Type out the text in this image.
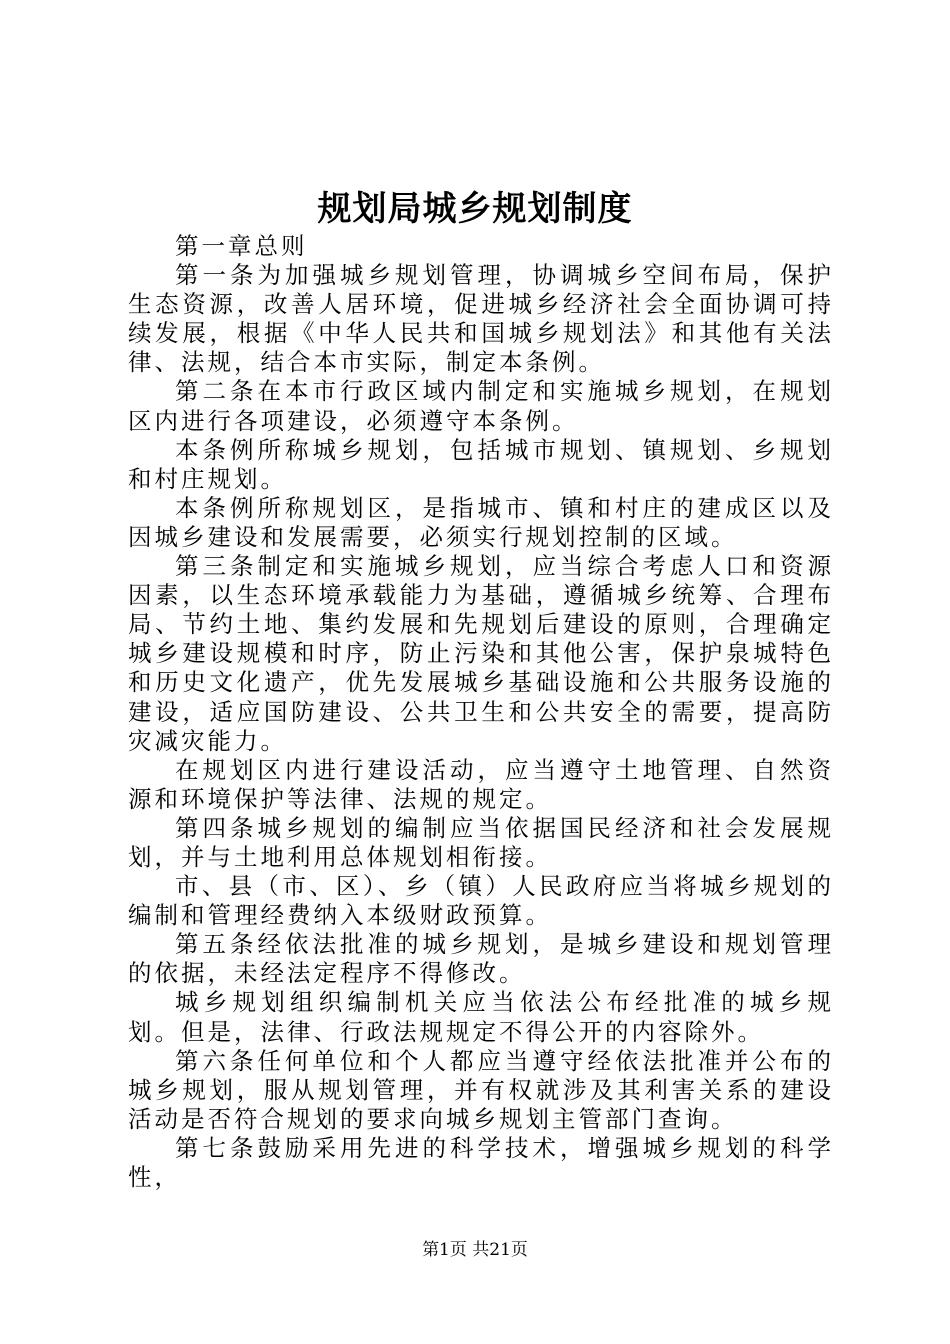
规划局城乡规划制度

第一章总则

第一条为加强城乡规划管理，协调城乡空间布局，保护生态资源，改善人居环境，促进城乡经济社会全面协调可持续发展，根据《中华人民共和国城乡规划法》和其他有关法律、法规，结合本市实际，制定本条例。

第二条在本市行政区域内制定和实施城乡规划，在规划区内进行各项建设，必须遵守本条例。

本条例所称城乡规划，包括城市规划、镇规划、乡规划和村庄规划。

本条例所称规划区，是指城市、镇和村庄的建成区以及因城乡建设和发展需要，必须实行规划控制的区域。

第三条制定和实施城乡规划，应当综合考虑人口和资源因素，以生态环境承载能力为基础，遵循城乡统筹、合理布局、节约土地、集约发展和先规划后建设的原则，合理确定城乡建设规模和时序，防止污染和其他公害，保护泉城特色和历史文化遗产，优先发展城乡基础设施和公共服务设施的建设，适应国防建设、公共卫生和公共安全的需要，提高防灾减灾能力。

在规划区内进行建设活动，应当遵守土地管理、自然资源和环境保护等法律、法规的规定。

第四条城乡规划的编制应当依据国民经济和社会发展规划，并与土地利用总体规划相衔接。

市、县（市、区）、乡（镇）人民政府应当将城乡规划的编制和管理经费纳入本级财政预算。

第五条经依法批准的城乡规划，是城乡建设和规划管理的依据，未经法定程序不得修改。

城乡规划组织编制机关应当依法公布经批准的城乡规划。但是，法律、行政法规规定不得公开的内容除外。

第六条任何单位和个人都应当遵守经依法批准并公布的城乡规划，服从规划管理，并有权就涉及其利害关系的建设活动是否符合规划的要求向城乡规划主管部门查询。

第七条鼓励采用先进的科学技术，增强城乡规划的科学性，

第1页 共21页
